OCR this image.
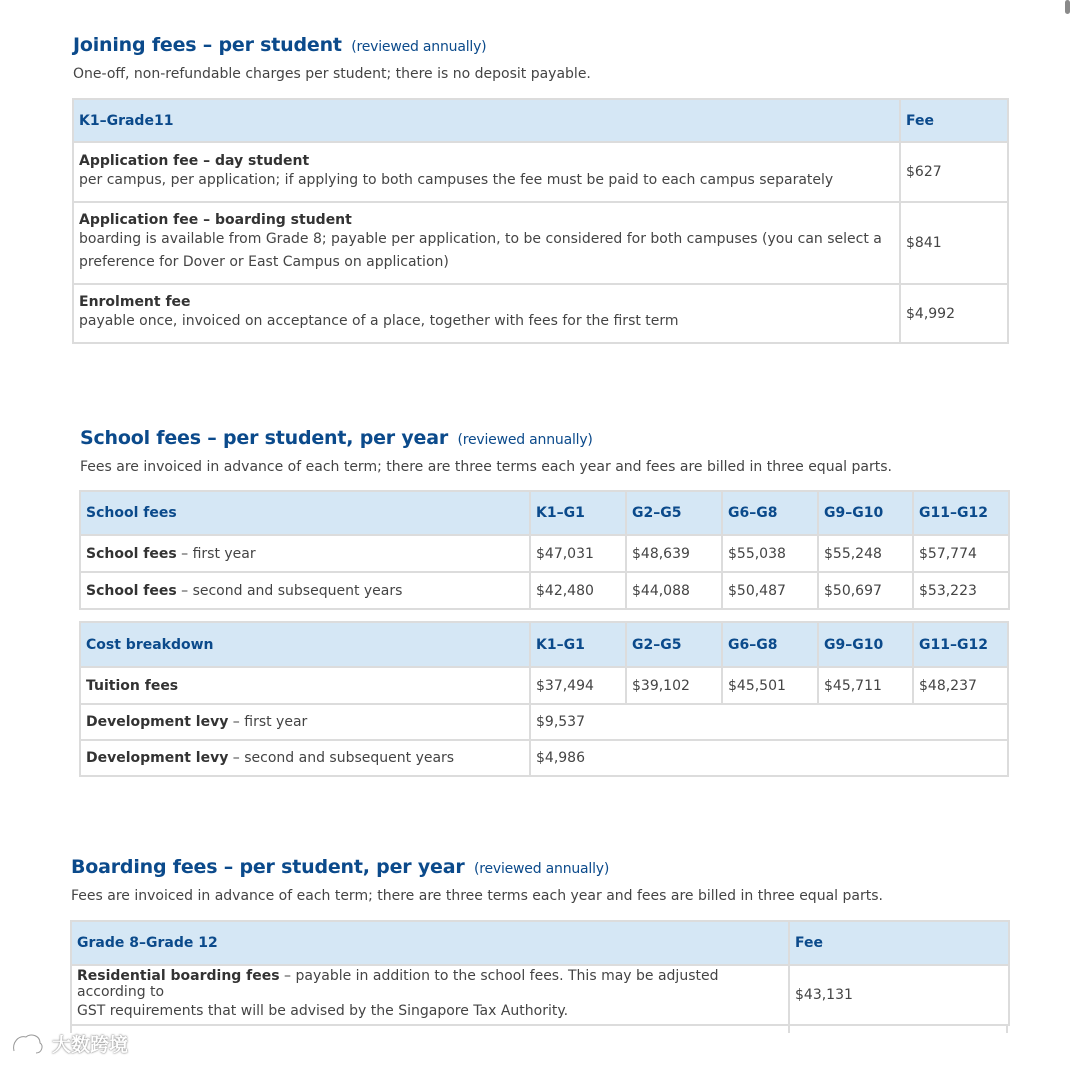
Joining fees – per student (reviewed annually)

One-off, non-refundable charges per student; there is no deposit payable.

K1–Grade11	Fee
Application fee – day student
per campus, per application; if applying to both campuses the fee must be paid to each campus separately	$627
Application fee – boarding student
boarding is available from Grade 8; payable per application, to be considered for both campuses (you can select a
preference for Dover or East Campus on application)	$841
Enrolment fee
payable once, invoiced on acceptance of a place, together with fees for the first term	$4,992
School fees – per student, per year (reviewed annually)

Fees are invoiced in advance of each term; there are three terms each year and fees are billed in three equal parts.

School fees	K1–G1	G2–G5	G6–G8	G9–G10	G11–G12
School fees – first year	$47,031	$48,639	$55,038	$55,248	$57,774
School fees – second and subsequent years	$42,480	$44,088	$50,487	$50,697	$53,223
Cost breakdown	K1–G1	G2–G5	G6–G8	G9–G10	G11–G12
Tuition fees	$37,494	$39,102	$45,501	$45,711	$48,237
Development levy – first year	$9,537				
Development levy – second and subsequent years	$4,986				
Boarding fees – per student, per year (reviewed annually)

Fees are invoiced in advance of each term; there are three terms each year and fees are billed in three equal parts.

Grade 8–Grade 12	Fee
Residential boarding fees – payable in addition to the school fees. This may be adjusted according to
GST requirements that will be advised by the Singapore Tax Authority.	$43,131
大数跨境
